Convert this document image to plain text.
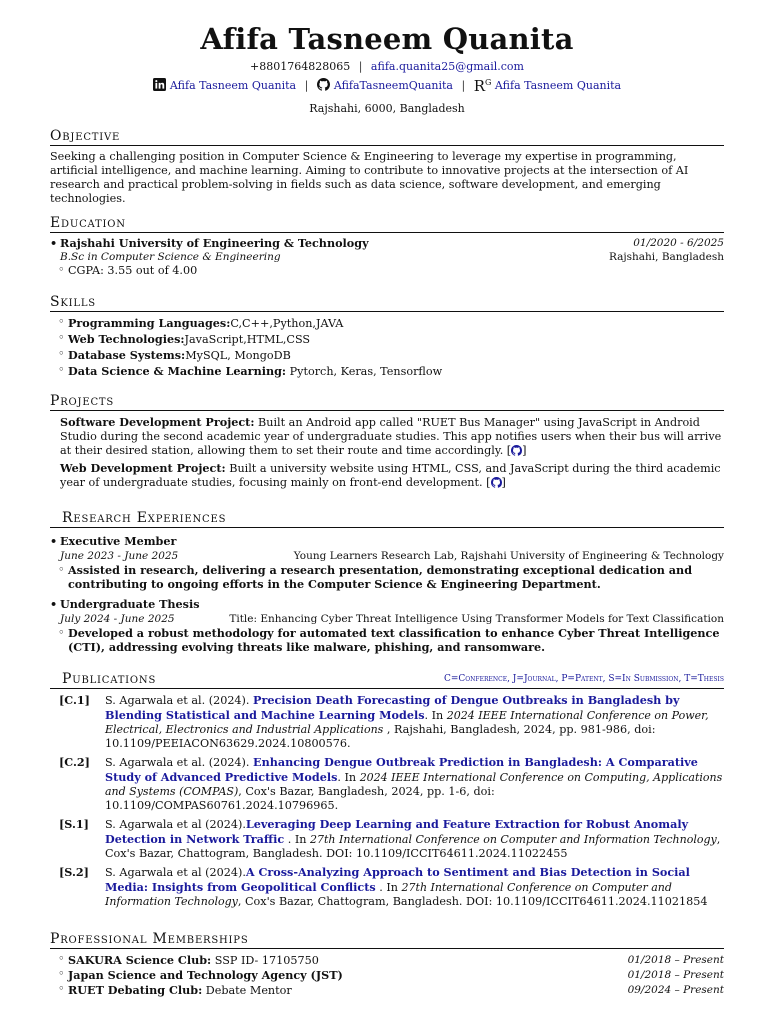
Afifa Tasneem Quanita
+8801764828065 | afifa.quanita25@gmail.com
Afifa Tasneem Quanita | AfifaTasneemQuanita | $R^G$ Afifa Tasneem Quanita
Rajshahi, 6000, Bangladesh
Objective
Seeking a challenging position in Computer Science & Engineering to leverage my expertise in programming, artificial intelligence, and machine learning. Aiming to contribute to innovative projects at the intersection of AI research and practical problem-solving in fields such as data science, software development, and emerging technologies.
Education
• Rajshahi University of Engineering & Technology	01/2020 - 6/2025
B.Sc in Computer Science & Engineering	Rajshahi, Bangladesh
◦ CGPA: 3.55 out of 4.00
Skills
◦ Programming Languages:C,C++,Python,JAVA
◦ Web Technologies:JavaScript,HTML,CSS
◦ Database Systems:MySQL, MongoDB
◦ Data Science & Machine Learning: Pytorch, Keras, Tensorflow
Projects
Software Development Project: Built an Android app called "RUET Bus Manager" using JavaScript in Android Studio during the second academic year of undergraduate studies. This app notifies users when their bus will arrive at their desired station, allowing them to set their route and time accordingly. [ ]
Web Development Project: Built a university website using HTML, CSS, and JavaScript during the third academic year of undergraduate studies, focusing mainly on front-end development. [ ]
Research Experiences
• Executive Member
June 2023 - June 2025	Young Learners Research Lab, Rajshahi University of Engineering & Technology
◦ Assisted in research, delivering a research presentation, demonstrating exceptional dedication and contributing to ongoing efforts in the Computer Science & Engineering Department.
• Undergraduate Thesis
July 2024 - June 2025	Title: Enhancing Cyber Threat Intelligence Using Transformer Models for Text Classification
◦ Developed a robust methodology for automated text classification to enhance Cyber Threat Intelligence (CTI), addressing evolving threats like malware, phishing, and ransomware.
Publications	C=Conference, J=Journal, P=Patent, S=In Submission, T=Thesis
[C.1]	S. Agarwala et al. (2024). Precision Death Forecasting of Dengue Outbreaks in Bangladesh by Blending Statistical and Machine Learning Models. In 2024 IEEE International Conference on Power, Electrical, Electronics and Industrial Applications , Rajshahi, Bangladesh, 2024, pp. 981-986, doi: 10.1109/PEEIACON63629.2024.10800576.
[C.2]	S. Agarwala et al. (2024). Enhancing Dengue Outbreak Prediction in Bangladesh: A Comparative Study of Advanced Predictive Models. In 2024 IEEE International Conference on Computing, Applications and Systems (COMPAS), Cox's Bazar, Bangladesh, 2024, pp. 1-6, doi: 10.1109/COMPAS60761.2024.10796965.
[S.1]	S. Agarwala et al (2024).Leveraging Deep Learning and Feature Extraction for Robust Anomaly Detection in Network Traffic . In 27th International Conference on Computer and Information Technology, Cox's Bazar, Chattogram, Bangladesh. DOI: 10.1109/ICCIT64611.2024.11022455
[S.2]	S. Agarwala et al (2024).A Cross-Analyzing Approach to Sentiment and Bias Detection in Social Media: Insights from Geopolitical Conflicts . In 27th International Conference on Computer and Information Technology, Cox's Bazar, Chattogram, Bangladesh. DOI: 10.1109/ICCIT64611.2024.11021854
Professional Memberships
◦ SAKURA Science Club: SSP ID- 17105750	01/2018 – Present
◦ Japan Science and Technology Agency (JST)	01/2018 – Present
◦ RUET Debating Club: Debate Mentor	09/2024 – Present
